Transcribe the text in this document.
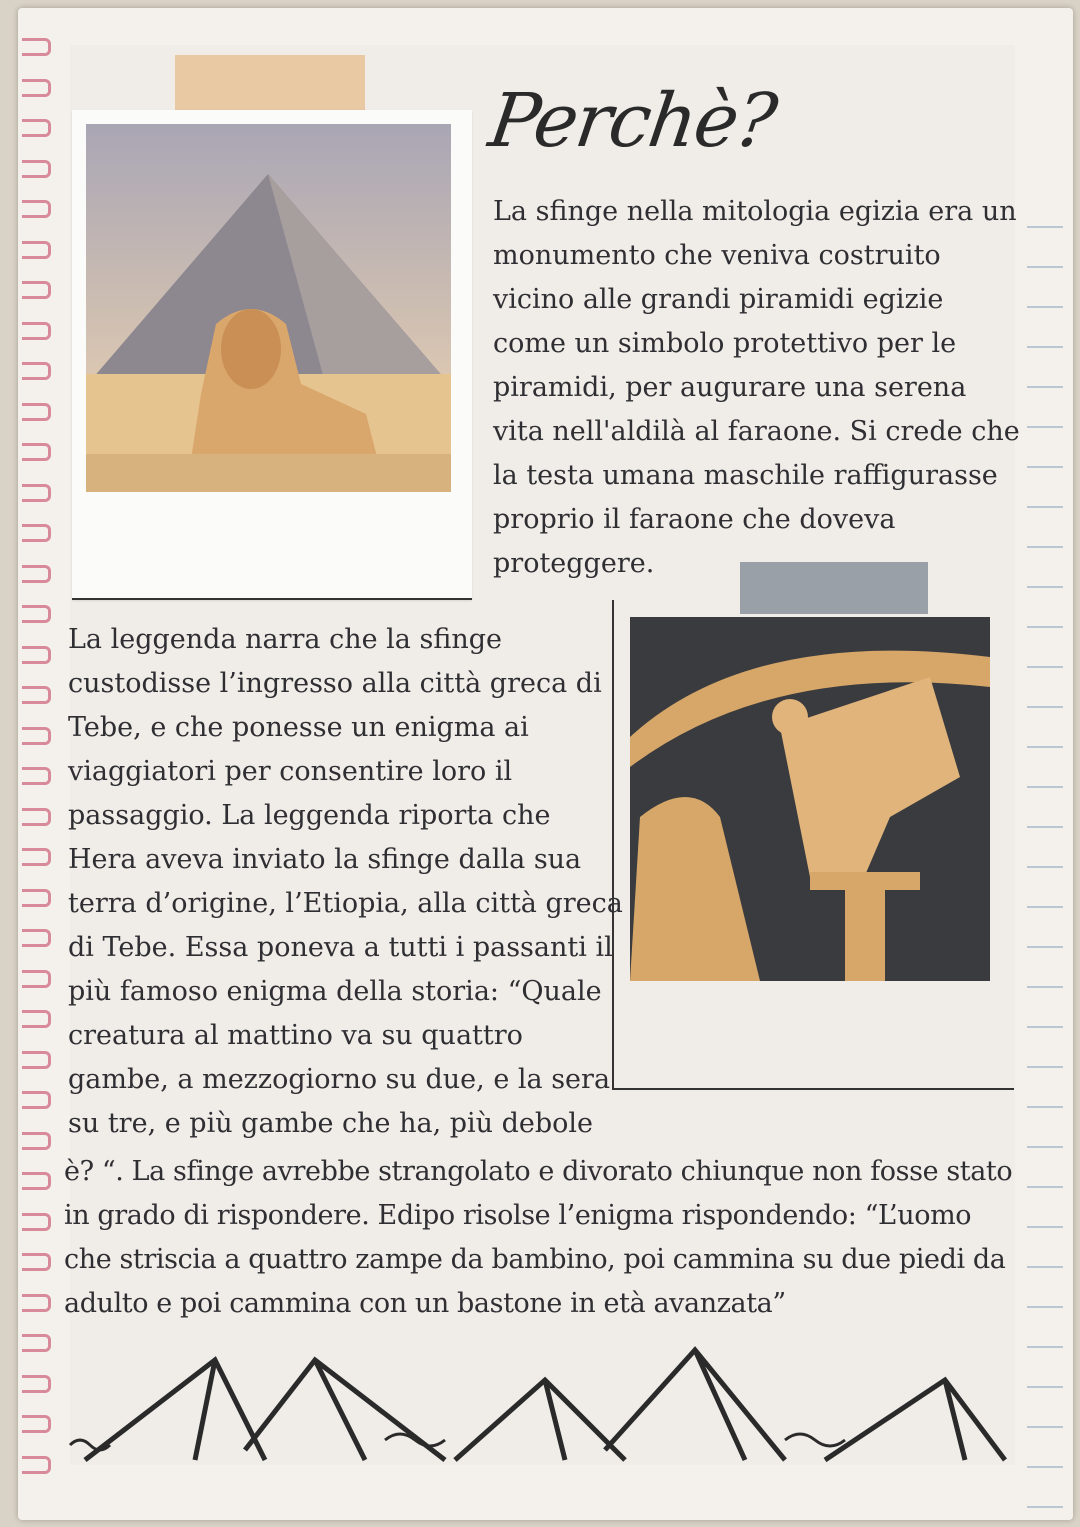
Perchè?
La sfinge nella mitologia egizia era un
monumento che veniva costruito
vicino alle grandi piramidi egizie
come un simbolo protettivo per le
piramidi, per augurare una serena
vita nell'aldilà al faraone. Si crede che
la testa umana maschile raffigurasse
proprio il faraone che doveva
proteggere.
La leggenda narra che la sfinge
custodisse l’ingresso alla città greca di
Tebe, e che ponesse un enigma ai
viaggiatori per consentire loro il
passaggio. La leggenda riporta che
Hera aveva inviato la sfinge dalla sua
terra d’origine, l’Etiopia, alla città greca
di Tebe. Essa poneva a tutti i passanti il
più famoso enigma della storia: “Quale
creatura al mattino va su quattro
gambe, a mezzogiorno su due, e la sera
su tre, e più gambe che ha, più debole
è? “. La sfinge avrebbe strangolato e divorato chiunque non fosse stato
in grado di rispondere. Edipo risolse l’enigma rispondendo: “L’uomo
che striscia a quattro zampe da bambino, poi cammina su due piedi da
adulto e poi cammina con un bastone in età avanzata”
